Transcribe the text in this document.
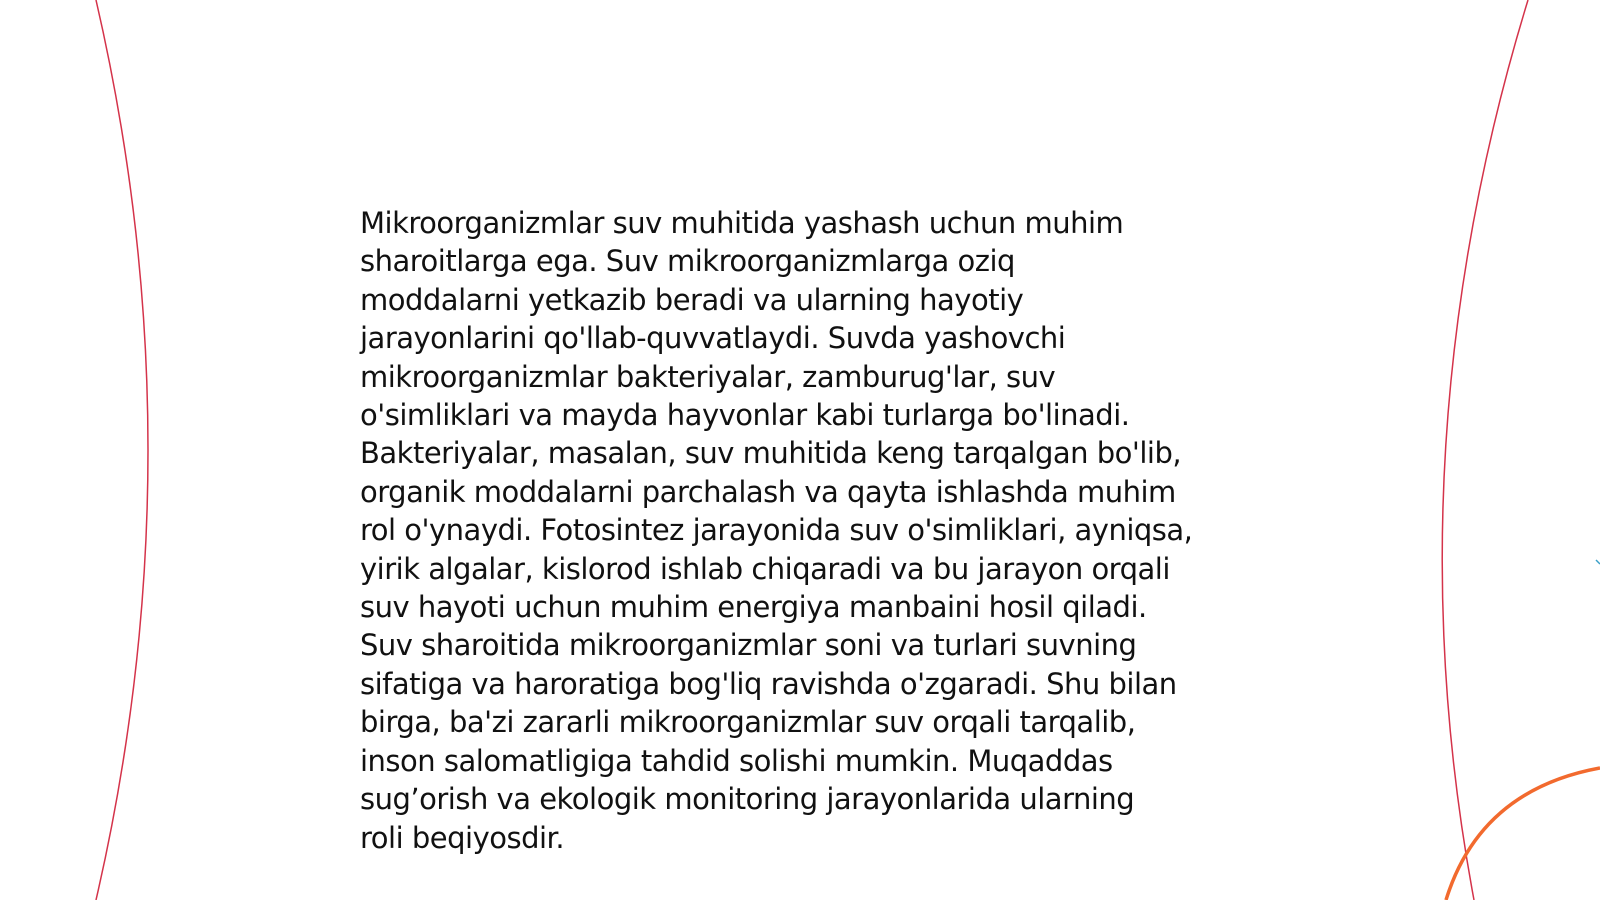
Mikroorganizmlar suv muhitida yashash uchun muhim
sharoitlarga ega. Suv mikroorganizmlarga oziq
moddalarni yetkazib beradi va ularning hayotiy
jarayonlarini qo'llab-quvvatlaydi. Suvda yashovchi
mikroorganizmlar bakteriyalar, zamburug'lar, suv
o'simliklari va mayda hayvonlar kabi turlarga bo'linadi.
Bakteriyalar, masalan, suv muhitida keng tarqalgan bo'lib,
organik moddalarni parchalash va qayta ishlashda muhim
rol o'ynaydi. Fotosintez jarayonida suv o'simliklari, ayniqsa,
yirik algalar, kislorod ishlab chiqaradi va bu jarayon orqali
suv hayoti uchun muhim energiya manbaini hosil qiladi.
Suv sharoitida mikroorganizmlar soni va turlari suvning
sifatiga va haroratiga bog'liq ravishda o'zgaradi. Shu bilan
birga, ba'zi zararli mikroorganizmlar suv orqali tarqalib,
inson salomatligiga tahdid solishi mumkin. Muqaddas
sug’orish va ekologik monitoring jarayonlarida ularning
roli beqiyosdir.
